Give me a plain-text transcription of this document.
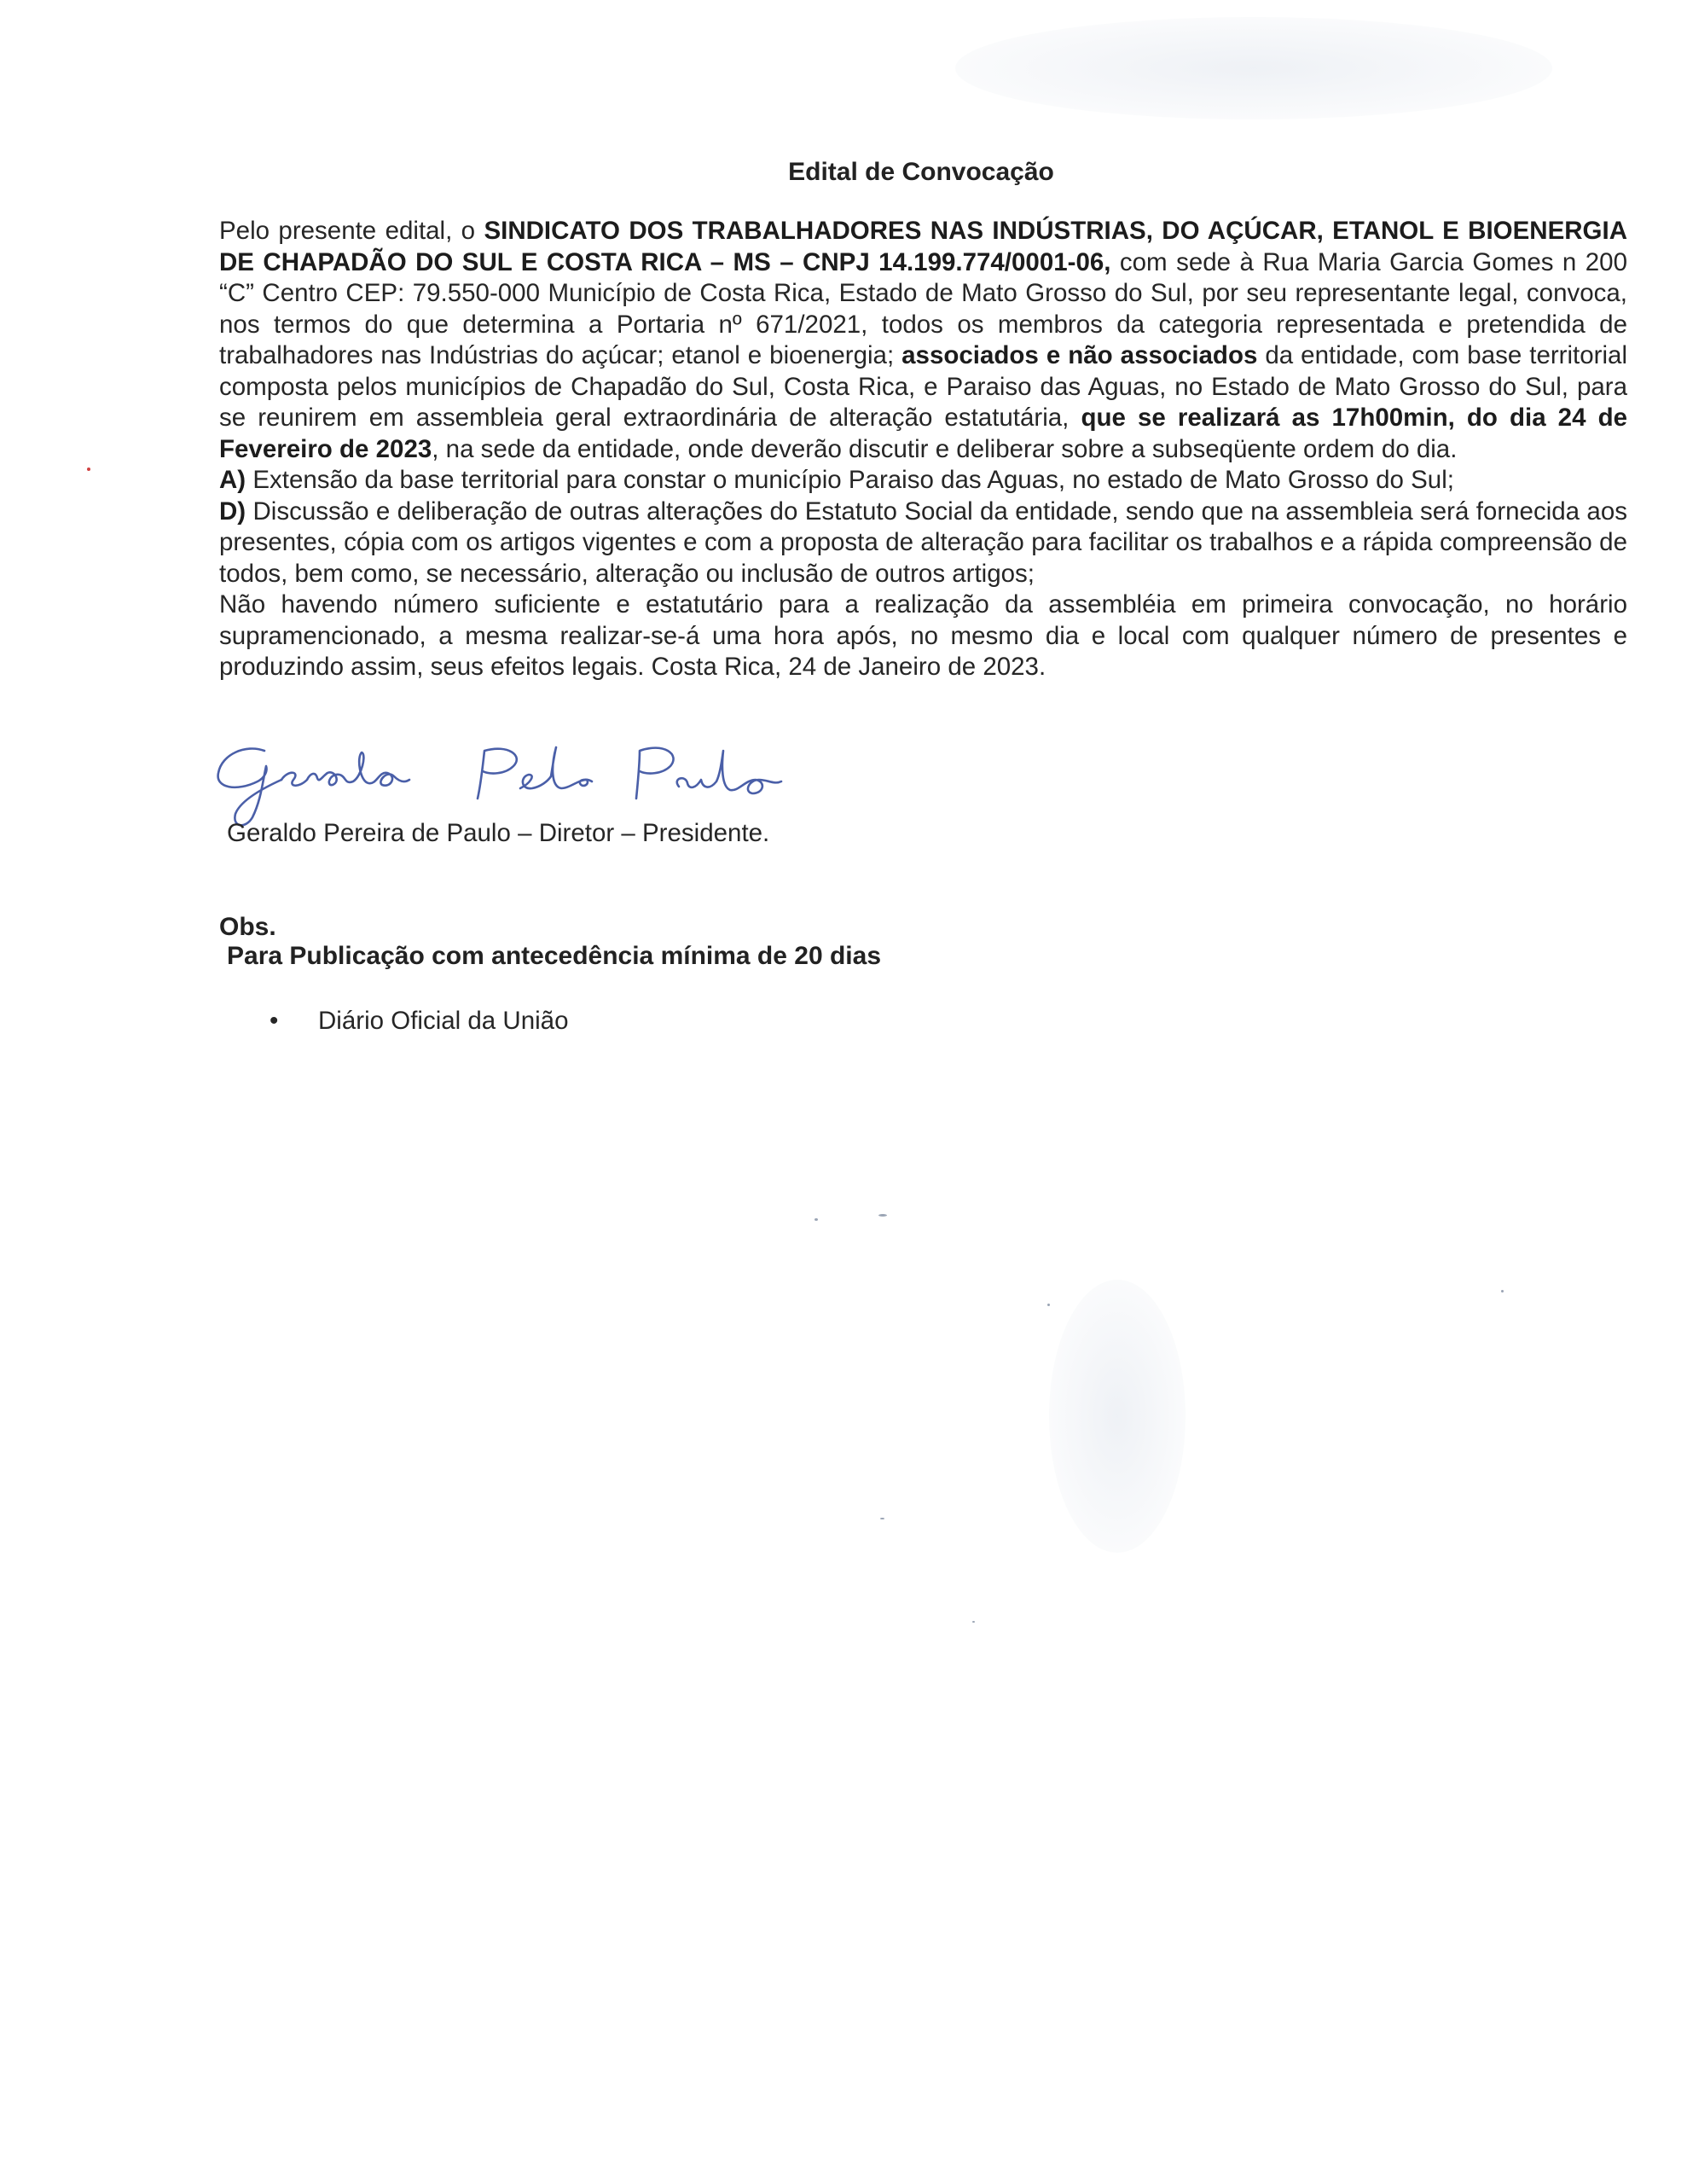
Edital de Convocação

Pelo presente edital, o SINDICATO DOS TRABALHADORES NAS INDÚSTRIAS, DO AÇÚCAR, ETANOL E BIOENERGIA DE CHAPADÃO DO SUL E COSTA RICA – MS – CNPJ 14.199.774/0001-06, com sede à Rua Maria Garcia Gomes n 200 “C” Centro CEP: 79.550-000 Município de Costa Rica, Estado de Mato Grosso do Sul, por seu representante legal, convoca, nos termos do que determina a Portaria nº 671/2021, todos os membros da categoria representada e pretendida de trabalhadores nas Indústrias do açúcar; etanol e bioenergia; associados e não associados da entidade, com base territorial composta pelos municípios de Chapadão do Sul, Costa Rica, e Paraiso das Aguas, no Estado de Mato Grosso do Sul, para se reunirem em assembleia geral extraordinária de alteração estatutária, que se realizará as 17h00min, do dia 24 de Fevereiro de 2023, na sede da entidade, onde deverão discutir e deliberar sobre a subseqüente ordem do dia.

A) Extensão da base territorial para constar o município Paraiso das Aguas, no estado de Mato Grosso do Sul;

D) Discussão e deliberação de outras alterações do Estatuto Social da entidade, sendo que na assembleia será fornecida aos presentes, cópia com os artigos vigentes e com a proposta de alteração para facilitar os trabalhos e a rápida compreensão de todos, bem como, se necessário, alteração ou inclusão de outros artigos;

Não havendo número suficiente e estatutário para a realização da assembléia em primeira convocação, no horário supramencionado, a mesma realizar-se-á uma hora após, no mesmo dia e local com qualquer número de presentes e produzindo assim, seus efeitos legais. Costa Rica, 24 de Janeiro de 2023.

Geraldo Pereira de Paulo – Diretor – Presidente.
Obs.
Para Publicação com antecedência mínima de 20 dias
• Diário Oficial da União
